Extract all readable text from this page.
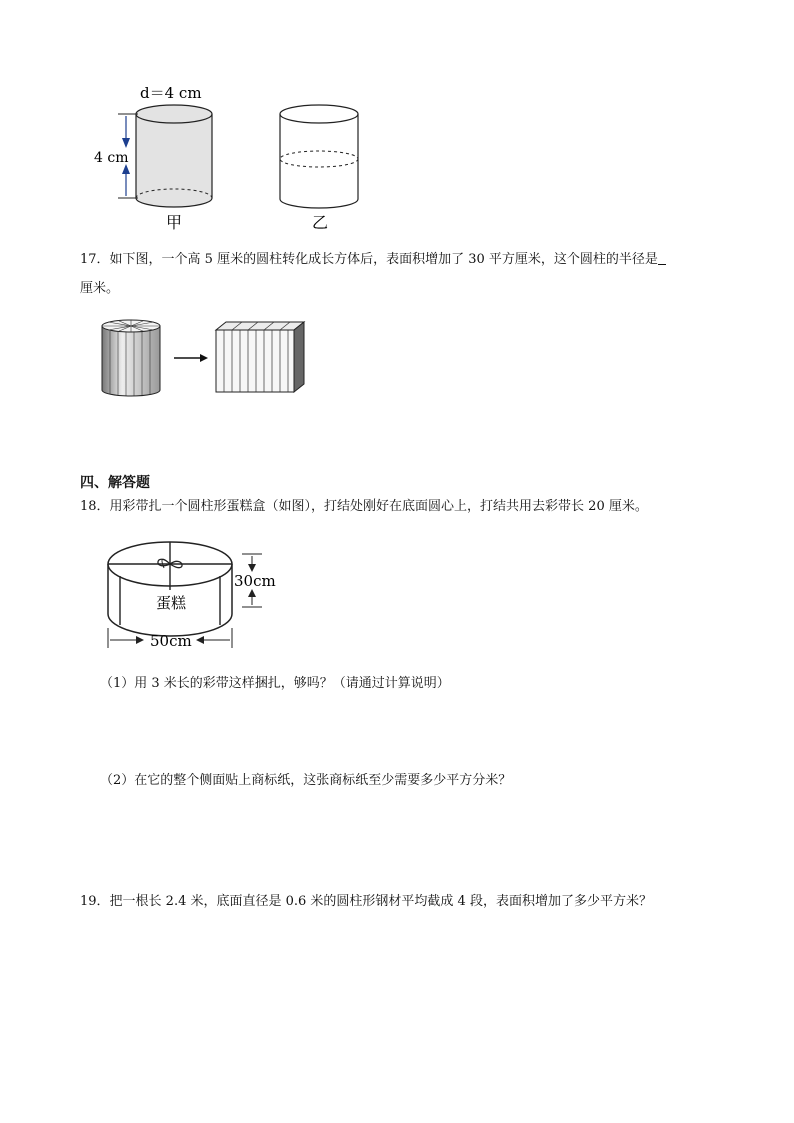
d＝4 cm
4 cm
甲	乙
17．如下图，一个高 5 厘米的圆柱转化成长方体后，表面积增加了 30 平方厘米，这个圆柱的半径是
厘米。
四、解答题
18．用彩带扎一个圆柱形蛋糕盒（如图），打结处刚好在底面圆心上，打结共用去彩带长 20 厘米。
蛋糕
30cm
50cm
（1）用 3 米长的彩带这样捆扎，够吗？（请通过计算说明）
（2）在它的整个侧面贴上商标纸，这张商标纸至少需要多少平方分米？
19．把一根长 2.4 米，底面直径是 0.6 米的圆柱形钢材平均截成 4 段，表面积增加了多少平方米？
